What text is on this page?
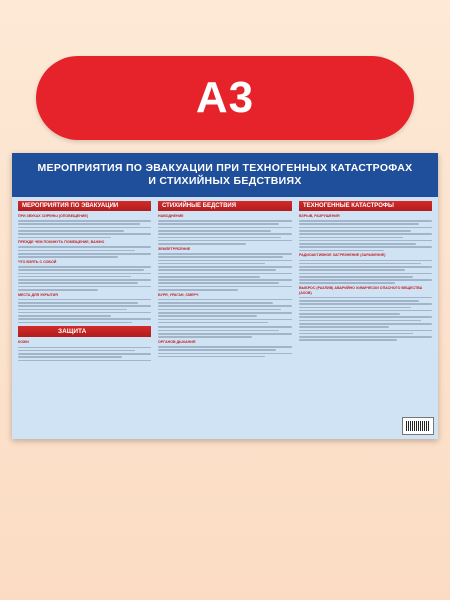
А3
МЕРОПРИЯТИЯ ПО ЭВАКУАЦИИ ПРИ ТЕХНОГЕННЫХ КАТАСТРОФАХ И СТИХИЙНЫХ БЕДСТВИЯХ
МЕРОПРИЯТИЯ ПО ЭВАКУАЦИИ
ПРИ ЗВУКАХ СИРЕНЫ (ОПОВЕЩЕНИЕ)
ПРЕЖДЕ ЧЕМ ПОКИНУТЬ ПОМЕЩЕНИЕ, ВАЖНО
ЧТО ВЗЯТЬ С СОБОЙ
МЕСТА ДЛЯ УКРЫТИЯ
ЗАЩИТА
КОЖИ
СТИХИЙНЫЕ БЕДСТВИЯ
НАВОДНЕНИЕ
ЗЕМЛЕТРЯСЕНИЕ
БУРЯ, УРАГАН, СМЕРЧ
ОРГАНОВ ДЫХАНИЯ
ТЕХНОГЕННЫЕ КАТАСТРОФЫ
ВЗРЫВ, РАЗРУШЕНИЯ
РАДИОАКТИВНОЕ ЗАГРЯЗНЕНИЕ (ЗАРАЖЕНИЕ)
ВЫБРОС (РАЗЛИВ) АВАРИЙНО ХИМИЧЕСКИ ОПАСНОГО ВЕЩЕСТВА (АХОВ)
